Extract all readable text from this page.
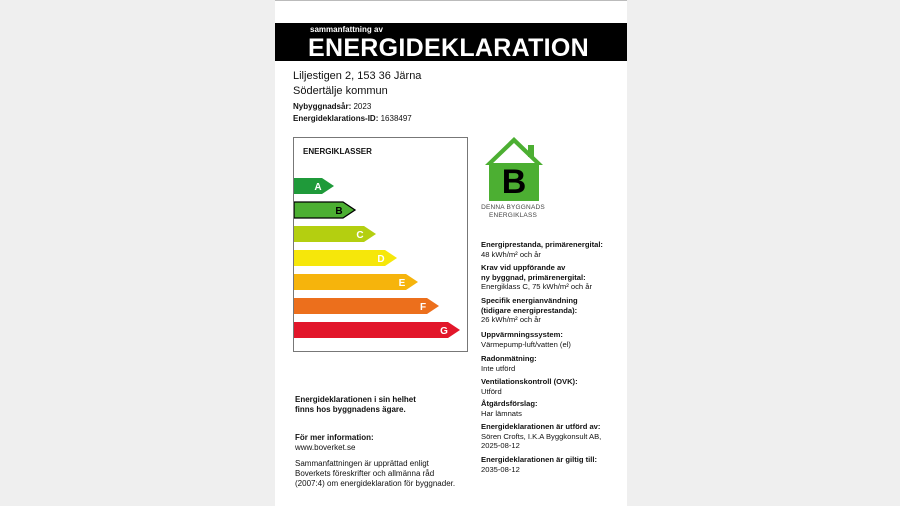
sammanfattning av
ENERGIDEKLARATION
Liljestigen 2, 153 36 Järna
Södertälje kommun
Nybyggnadsår: 2023
Energideklarations-ID: 1638497
ENERGIKLASSER
A
B
C
D
E
F
G
Energideklarationen i sin helhet
finns hos byggnadens ägare.
För mer information:
www.boverket.se
Sammanfattningen är upprättad enligt
Boverkets föreskrifter och allmänna råd
(2007:4) om energideklaration för byggnader.
B
DENNA BYGGNADS
ENERGIKLASS
Energiprestanda, primärenergital:
48 kWh/m² och år
Krav vid uppförande av
ny byggnad, primärenergital:
Energiklass C, 75 kWh/m² och år
Specifik energianvändning
(tidigare energiprestanda):
26 kWh/m² och år
Uppvärmningssystem:
Värmepump-luft/vatten (el)
Radonmätning:
Inte utförd
Ventilationskontroll (OVK):
Utförd
Åtgärdsförslag:
Har lämnats
Energideklarationen är utförd av:
Sören Crofts, I.K.A Byggkonsult AB,
2025-08-12
Energideklarationen är giltig till:
2035-08-12
